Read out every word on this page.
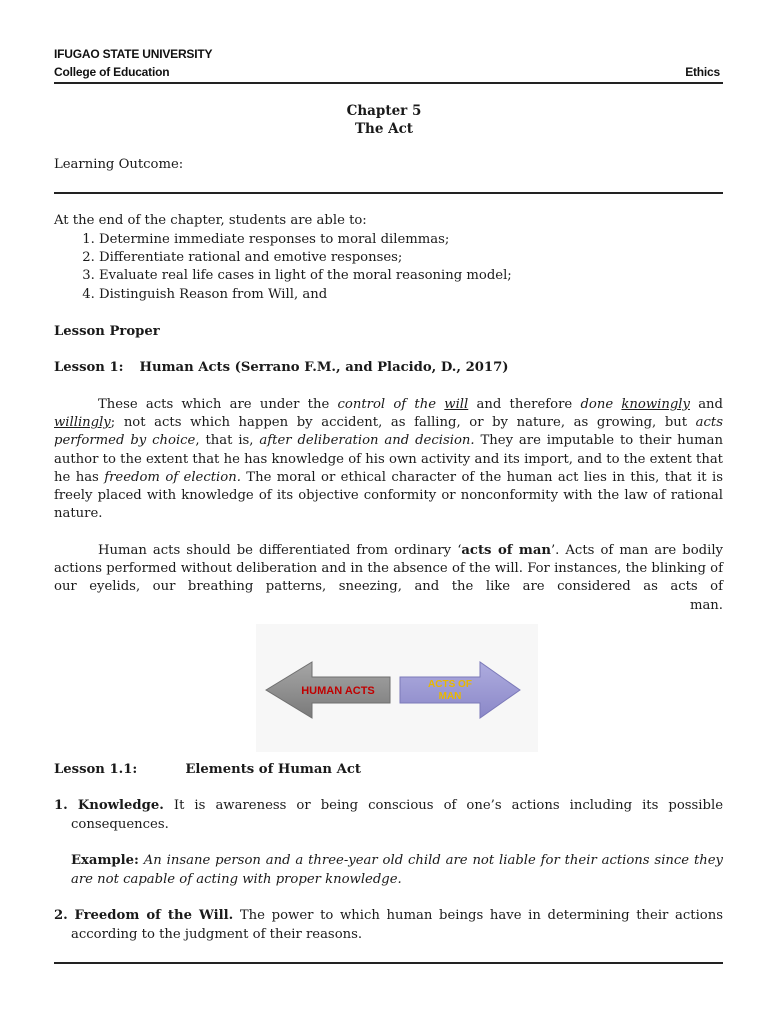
IFUGAO STATE UNIVERSITY
College of Education	Ethics
Chapter 5
The Act
Learning Outcome:
At the end of the chapter, students are able to:
1. Determine immediate responses to moral dilemmas;
2. Differentiate rational and emotive responses;
3. Evaluate real life cases in light of the moral reasoning model;
4. Distinguish Reason from Will, and
Lesson Proper
Lesson 1: Human Acts (Serrano F.M., and Placido, D., 2017)
These acts which are under the control of the will and therefore done knowingly and willingly; not acts which happen by accident, as falling, or by nature, as growing, but acts performed by choice, that is, after deliberation and decision. They are imputable to their human author to the extent that he has knowledge of his own activity and its import, and to the extent that he has freedom of election. The moral or ethical character of the human act lies in this, that it is freely placed with knowledge of its objective conformity or nonconformity with the law of rational nature.
Human acts should be differentiated from ordinary ‘acts of man’. Acts of man are bodily actions performed without deliberation and in the absence of the will. For instances, the blinking of our eyelids, our breathing patterns, sneezing, and the like are considered as acts of  man.
HUMAN ACTS
ACTS OF
MAN
Lesson 1.1:	Elements of Human Act
1. Knowledge. It is awareness or being conscious of one’s actions including its possible consequences.
Example: An insane person and a three-year old child are not liable for their actions since they are not capable of acting with proper knowledge.
2. Freedom of the Will. The power to which human beings have in determining their actions according to the judgment of their reasons.
